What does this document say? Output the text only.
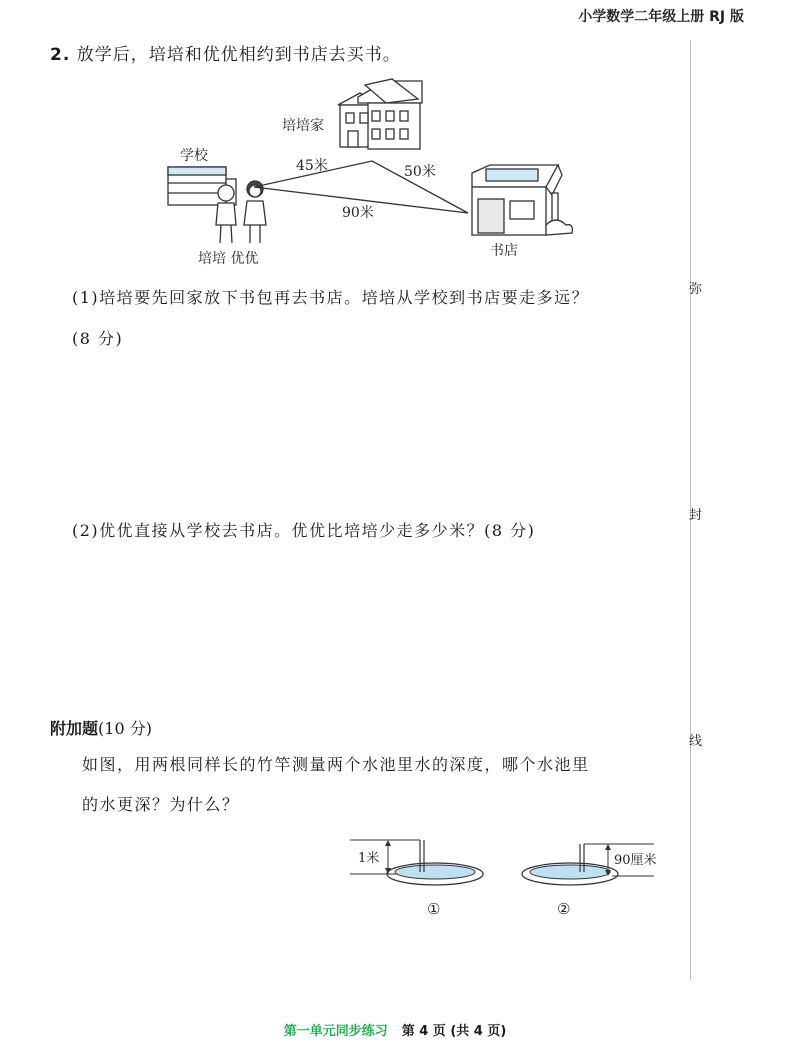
小学数学二年级上册 RJ 版
弥
封
线
2. 放学后，培培和优优相约到书店去买书。
培培家
学校
45米	50米
90米
书店
培培 优优
(1)培培要先回家放下书包再去书店。培培从学校到书店要走多远？
(8 分)
(2)优优直接从学校去书店。优优比培培少走多少米？(8 分)
附加题(10 分)
如图，用两根同样长的竹竿测量两个水池里水的深度，哪个水池里
的水更深？为什么？
1米
①
90厘米
②
第一单元同步练习 第 4 页 (共 4 页)
